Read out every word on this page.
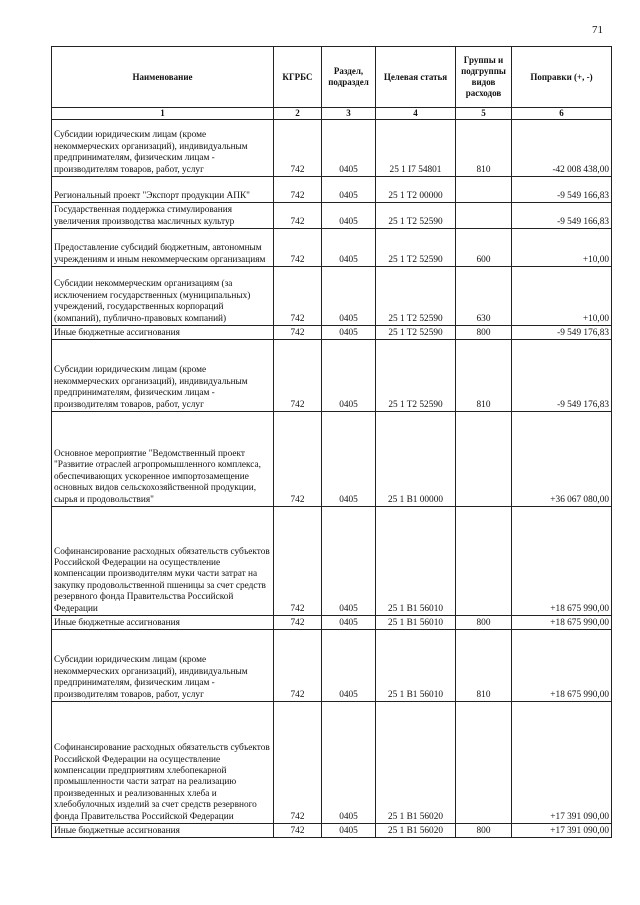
71
Наименование	КГРБС	Раздел, подраздел	Целевая статья	Группы и подгруппы видов расходов	Поправки (+, -)
1	2	3	4	5	6
Субсидии юридическим лицам (кроме некоммерческих организаций), индивидуальным предпринимателям, физическим лицам - производителям товаров, работ, услуг	742	0405	25 1 I7 54801	810	-42 008 438,00
Региональный проект "Экспорт продукции АПК"	742	0405	25 1 T2 00000		-9 549 166,83
Государственная поддержка стимулирования увеличения производства масличных культур	742	0405	25 1 T2 52590		-9 549 166,83
Предоставление субсидий бюджетным, автономным учреждениям и иным некоммерческим организациям	742	0405	25 1 T2 52590	600	+10,00
Субсидии некоммерческим организациям (за исключением государственных (муниципальных) учреждений, государственных корпораций (компаний), публично-правовых компаний)	742	0405	25 1 T2 52590	630	+10,00
Иные бюджетные ассигнования	742	0405	25 1 T2 52590	800	-9 549 176,83
Субсидии юридическим лицам (кроме некоммерческих организаций), индивидуальным предпринимателям, физическим лицам - производителям товаров, работ, услуг	742	0405	25 1 T2 52590	810	-9 549 176,83
Основное мероприятие "Ведомственный проект "Развитие отраслей агропромышленного комплекса, обеспечивающих ускоренное импортозамещение основных видов сельскохозяйственной продукции, сырья и продовольствия"	742	0405	25 1 B1 00000		+36 067 080,00
Софинансирование расходных обязательств субъектов Российской Федерации на осуществление компенсации производителям муки части затрат на закупку продовольственной пшеницы за счет средств резервного фонда Правительства Российской Федерации	742	0405	25 1 B1 56010		+18 675 990,00
Иные бюджетные ассигнования	742	0405	25 1 B1 56010	800	+18 675 990,00
Субсидии юридическим лицам (кроме некоммерческих организаций), индивидуальным предпринимателям, физическим лицам - производителям товаров, работ, услуг	742	0405	25 1 B1 56010	810	+18 675 990,00
Софинансирование расходных обязательств субъектов Российской Федерации на осуществление компенсации предприятиям хлебопекарной промышленности части затрат на реализацию произведенных и реализованных хлеба и хлебобулочных изделий за счет средств резервного фонда Правительства Российской Федерации	742	0405	25 1 B1 56020		+17 391 090,00
Иные бюджетные ассигнования	742	0405	25 1 B1 56020	800	+17 391 090,00
